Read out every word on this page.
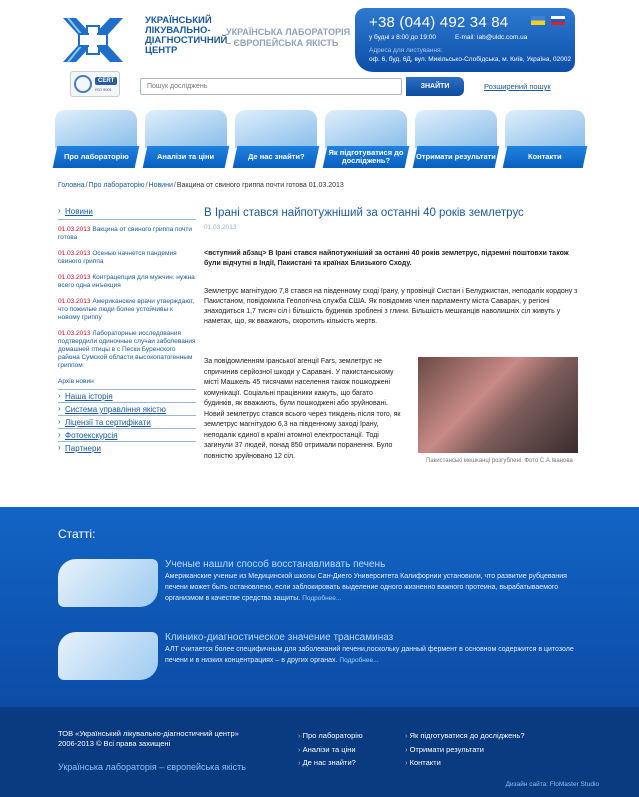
УКРАЇНСЬКИЙ ЛІКУВАЛЬНО-ДІАГНОСТИЧНИЙ ЦЕНТР
УКРАЇНСЬКА ЛАБОРАТОРІЯ – ЄВРОПЕЙСЬКА ЯКІСТЬ
+38 (044) 492 34 84
у будні з 8:00 до 19:00	E-mail: lab@uldc.com.ua
Адреса для листування:
оф. 6, буд. 6Д, вул. Микільсько-Слобідська, м. Київ, Україна, 02002
CERT
ISO 9001
Пошук досліджень	ЗНАЙТИ	Розширений пошук
Про лабораторію	Аналізи та ціни	Де нас знайти?	Як підготуватися до досліджень?	Отримати результати	Контакти
Головна/Про лабораторію/Новини/Вакцина от свиного гриппа почти готова 01.03.2013
› Новини
01.03.2013 Вакцина от свиного гриппа почти готова
01.03.2013 Осенью начнется пандемия свиного гриппа
01.03.2013 Контрацепция для мужчин: нужна всего одна инъекция
01.03.2013 Американские врачи утверждают, что пожилые люди более устойчивы к новому гриппу
01.03.2013 Лабораторные исследования подтвердили одиночные случаи заболевания домашней птицы в с Пески Буренского района Сумской области высокопатогенным гриппом
Архів новин
› Наша історія
› Система управління якістю
› Ліцензії та сертифікати
› Фотоекскурсія
› Партнери
В Ірані стався найпотужніший за останні 40 років землетрус
01.03.2013
<вступний абзац> В Ірані стався найпотужніший за останні 40 років землетрус, підземні поштовхи також були відчутні в Індії, Пакистані та країнах Близького Сходу.
Землетрус магнітудою 7,8 стався на південному сході Ірану, у провінції Систан і Белуджистан, неподалік кордону з Пакистаном, повідомила Геологічна служба США. Як повідомив член парламенту міста Саваран, у регіоні знаходиться 1,7 тисяч сіл і більшість будинків зроблені з глини. Більшість мешканців наволишніх сіл живуть у наметах, що, як вважають, скоротить кількість жертв.
За повідомленням іранської агенції Fars, землетрус не спричинив серйозної шкоди у Саравані. У пакистанському місті Машкель 45 тисячами населення також пошкоджені комунікації. Соціальні працівники кажуть, що багато будинків, як вважають, були пошкоджені або зруйновані. Новий землетрус стався всього через тиждень після того, як землетрус магнітудою 6,3 на південному заході Ірану, неподалік єдиної в країні атомної електростанції. Тоді загинули 37 людей, понад 850 отримали поранення. Було повністю зруйновано 12 сіл.
Пакистанські мешканці розгублені. Фото С.А.Іванова
Статті:
Ученые нашли способ восстанавливать печень
Американские ученые из Медицинской школы Сан-Диего Университета Калифорнии установили, что развитие рубцевания печени может быть остановлено, если заблокировать выделение одного жизненно важного протеина, вырабатываемого организмом в качестве средства защиты. Подробнее...
Клинико-диагностическое значение трансаминаз
АЛТ считается более специфичным для заболеваний печени,поскольку данный фермент в основном содержится в цитозоле печени и в низких концентрациях – в других органах. Подробнее...
ТОВ «Український лікувально-діагностичний центр»
2006-2013 © Всі права захищені
Українська лабораторія – європейська якість
› Про лабораторію
› Аналізи та ціни
› Де нас знайти?
› Як підготуватися до досліджень?
› Отримати результати
› Контакти
Дизайн сайта: FloMaster Studio
